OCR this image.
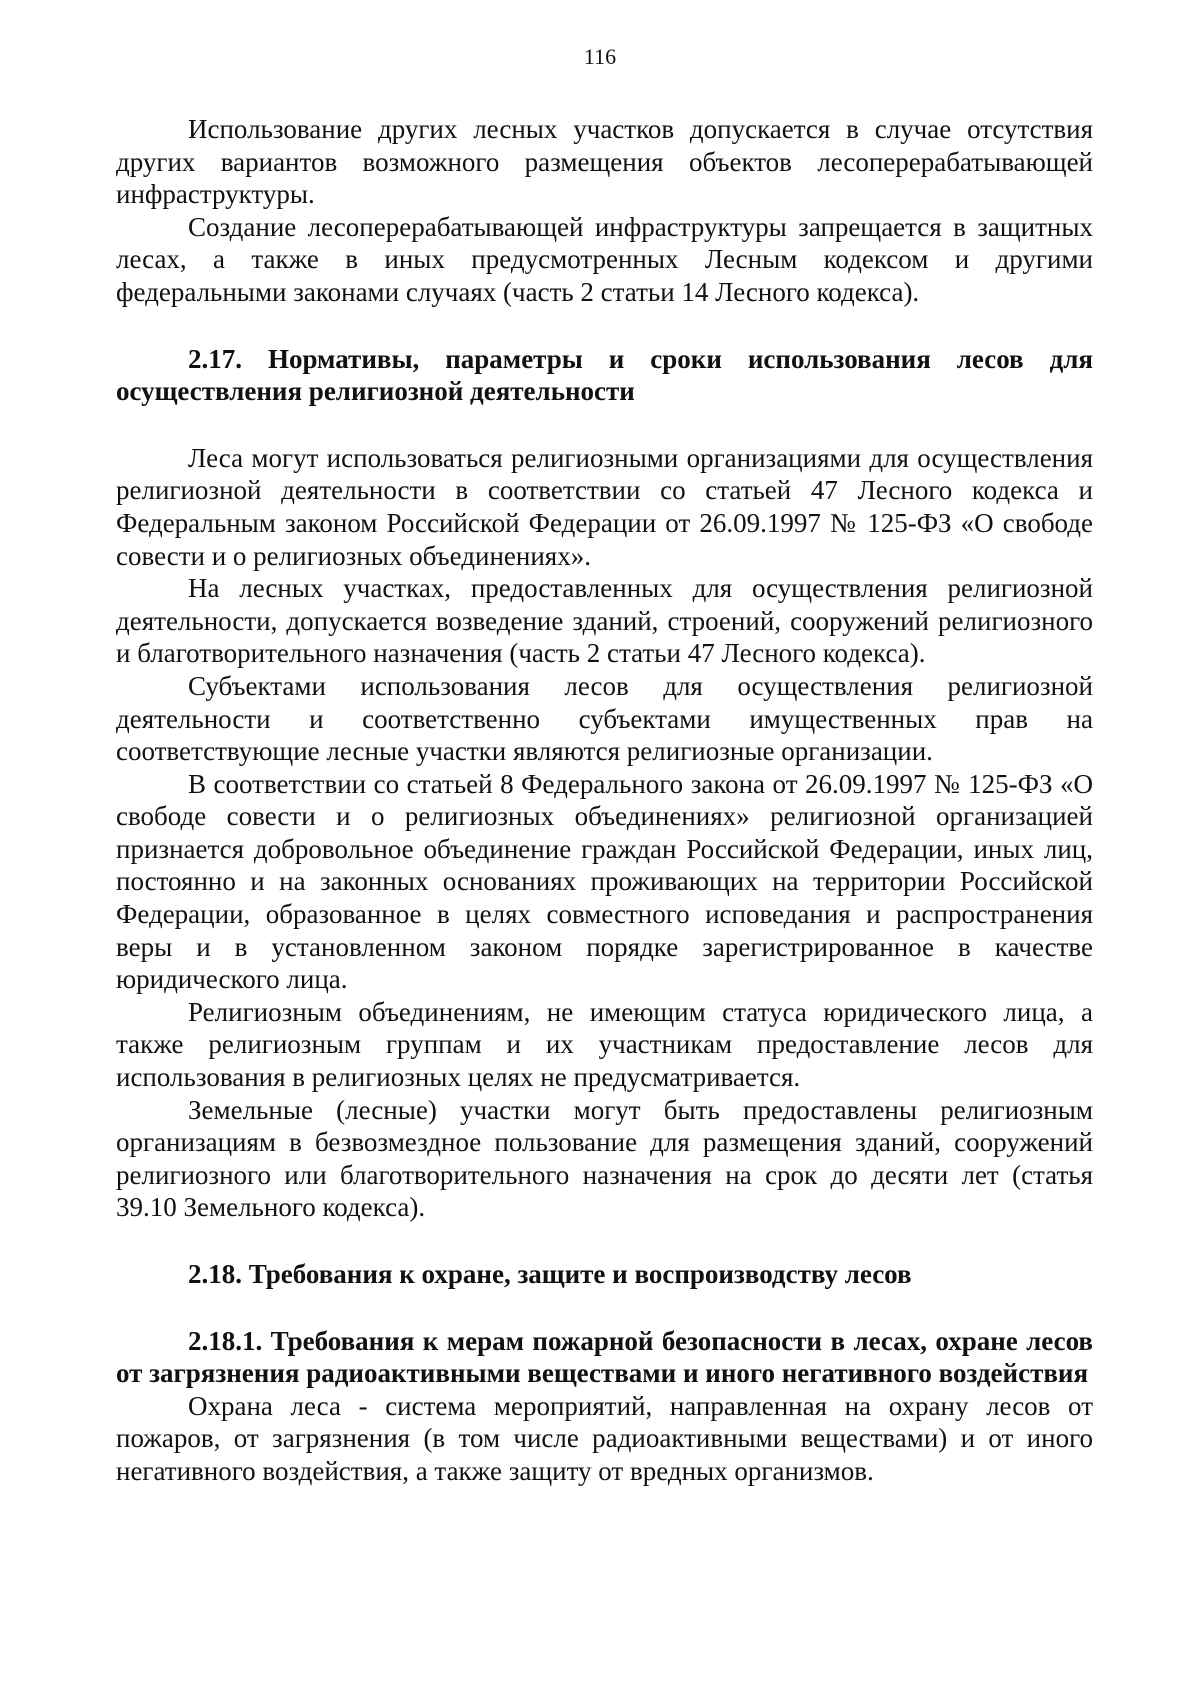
116

Использование других лесных участков допускается в случае отсутствия других вариантов возможного размещения объектов лесоперерабатывающей инфраструктуры.

Создание лесоперерабатывающей инфраструктуры запрещается в защитных лесах, а также в иных предусмотренных Лесным кодексом и другими федеральными законами случаях (часть 2 статьи 14 Лесного кодекса).

2.17. Нормативы, параметры и сроки использования лесов для осуществления религиозной деятельности

Леса могут использоваться религиозными организациями для осуществления религиозной деятельности в соответствии со статьей 47 Лесного кодекса и Федеральным законом Российской Федерации от 26.09.1997 № 125-ФЗ «О свободе совести и о религиозных объединениях».

На лесных участках, предоставленных для осуществления религиозной деятельности, допускается возведение зданий, строений, сооружений религиозного и благотворительного назначения (часть 2 статьи 47 Лесного кодекса).

Субъектами использования лесов для осуществления религиозной деятельности и соответственно субъектами имущественных прав на соответствующие лесные участки являются религиозные организации.

В соответствии со статьей 8 Федерального закона от 26.09.1997 № 125-ФЗ «О свободе совести и о религиозных объединениях» религиозной организацией признается добровольное объединение граждан Российской Федерации, иных лиц, постоянно и на законных основаниях проживающих на территории Российской Федерации, образованное в целях совместного исповедания и распространения веры и в установленном законом порядке зарегистрированное в качестве юридического лица.

Религиозным объединениям, не имеющим статуса юридического лица, а также религиозным группам и их участникам предоставление лесов для использования в религиозных целях не предусматривается.

Земельные (лесные) участки могут быть предоставлены религиозным организациям в безвозмездное пользование для размещения зданий, сооружений религиозного или благотворительного назначения на срок до десяти лет (статья 39.10 Земельного кодекса).

2.18. Требования к охране, защите и воспроизводству лесов

2.18.1. Требования к мерам пожарной безопасности в лесах, охране лесов от загрязнения радиоактивными веществами и иного негативного воздействия

Охрана леса - система мероприятий, направленная на охрану лесов от пожаров, от загрязнения (в том числе радиоактивными веществами) и от иного негативного воздействия, а также защиту от вредных организмов.
